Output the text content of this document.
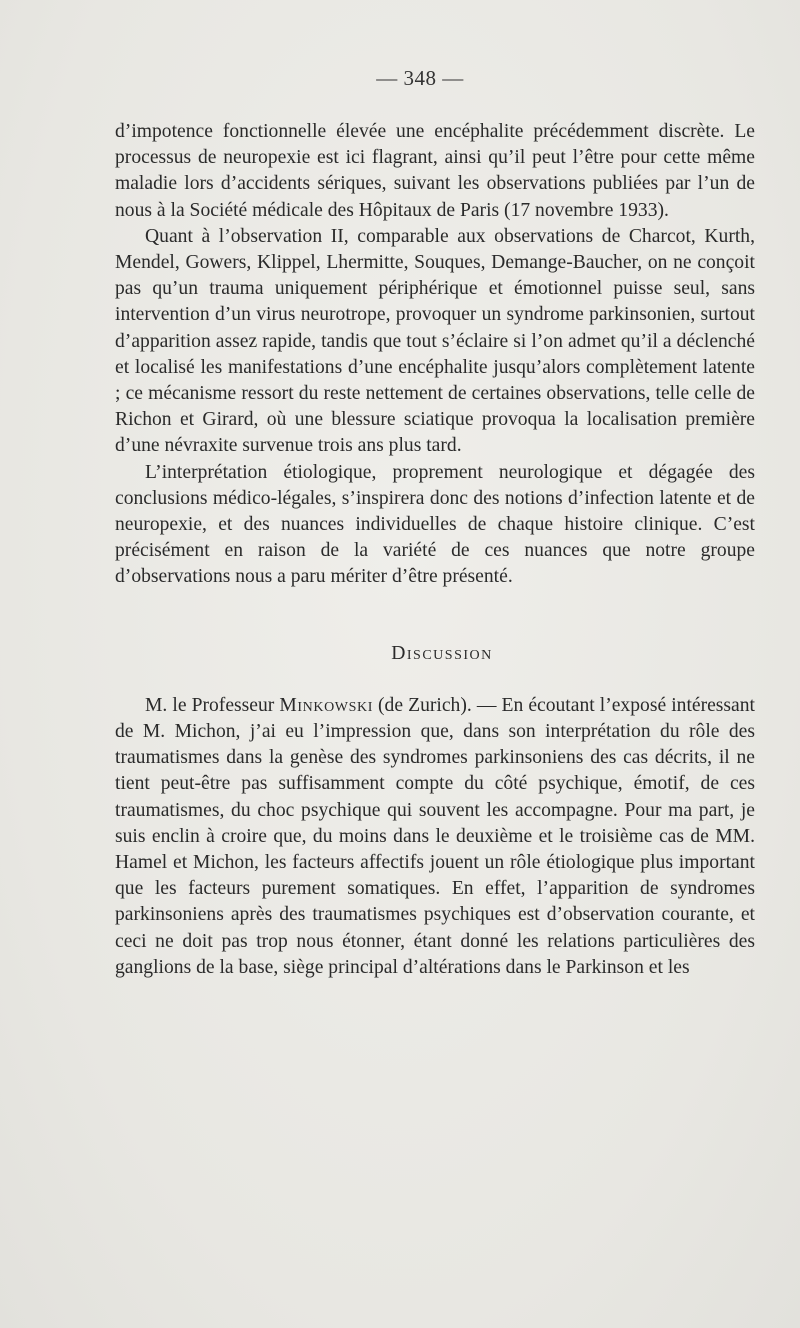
— 348 —

d’impotence fonctionnelle élevée une encéphalite précédemment discrète. Le processus de neuropexie est ici flagrant, ainsi qu’il peut l’être pour cette même maladie lors d’accidents sériques, suivant les observations publiées par l’un de nous à la Société médicale des Hôpitaux de Paris (17 novembre 1933).

Quant à l’observation II, comparable aux observations de Charcot, Kurth, Mendel, Gowers, Klippel, Lhermitte, Souques, Demange-Baucher, on ne conçoit pas qu’un trauma uniquement périphérique et émotionnel puisse seul, sans intervention d’un virus neurotrope, provoquer un syndrome parkinsonien, surtout d’apparition assez rapide, tandis que tout s’éclaire si l’on admet qu’il a déclenché et localisé les manifestations d’une encéphalite jusqu’alors complètement latente ; ce mécanisme ressort du reste nettement de certaines observations, telle celle de Richon et Girard, où une blessure sciatique provoqua la localisation première d’une névraxite survenue trois ans plus tard.

L’interprétation étiologique, proprement neurologique et dégagée des conclusions médico-légales, s’inspirera donc des notions d’infection latente et de neuropexie, et des nuances individuelles de chaque histoire clinique. C’est précisément en raison de la variété de ces nuances que notre groupe d’observations nous a paru mériter d’être présenté.

Discussion

M. le Professeur Minkowski (de Zurich). — En écoutant l’exposé intéressant de M. Michon, j’ai eu l’impression que, dans son interprétation du rôle des traumatismes dans la genèse des syndromes parkinsoniens des cas décrits, il ne tient peut-être pas suffisamment compte du côté psychique, émotif, de ces traumatismes, du choc psychique qui souvent les accompagne. Pour ma part, je suis enclin à croire que, du moins dans le deuxième et le troisième cas de MM. Hamel et Michon, les facteurs affectifs jouent un rôle étiologique plus important que les facteurs purement somatiques. En effet, l’apparition de syndromes parkinsoniens après des traumatismes psychiques est d’observation courante, et ceci ne doit pas trop nous étonner, étant donné les relations particulières des ganglions de la base, siège principal d’altérations dans le Parkinson et les
